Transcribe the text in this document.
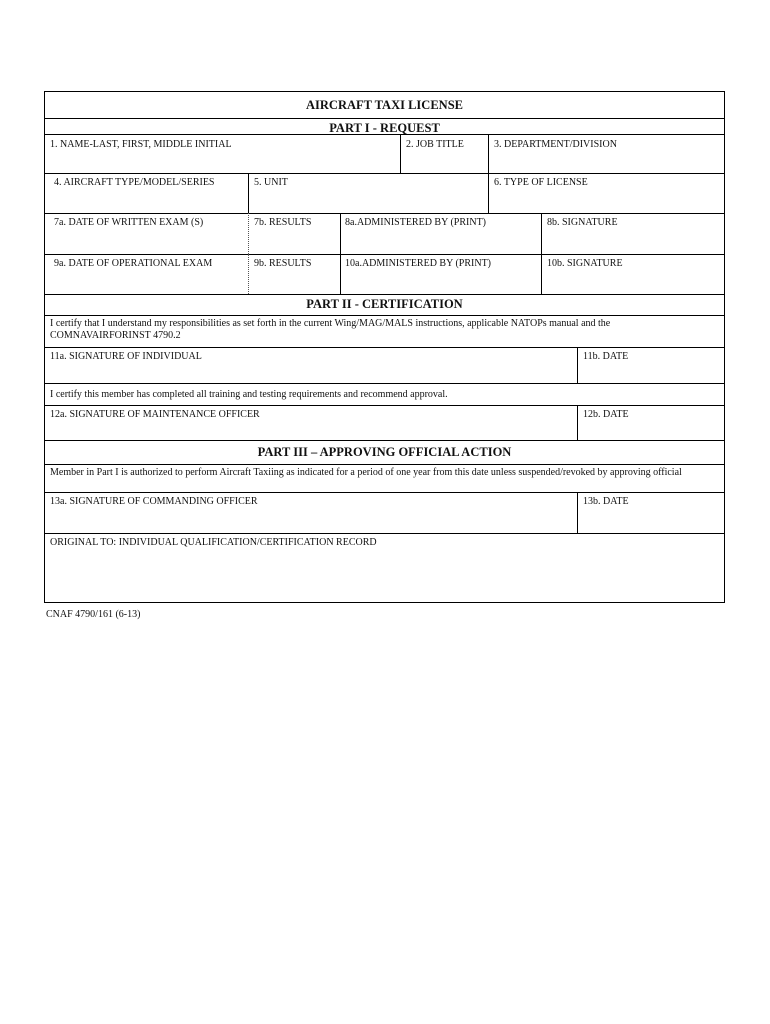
AIRCRAFT TAXI LICENSE
PART I - REQUEST
1. NAME-LAST, FIRST, MIDDLE INITIAL	2. JOB TITLE	3. DEPARTMENT/DIVISION
4. AIRCRAFT TYPE/MODEL/SERIES	5. UNIT	6. TYPE OF LICENSE
7a. DATE OF WRITTEN EXAM (S)	7b. RESULTS	8a.ADMINISTERED BY (PRINT)	8b. SIGNATURE
9a. DATE OF OPERATIONAL EXAM	9b. RESULTS	10a.ADMINISTERED BY (PRINT)	10b. SIGNATURE
PART II - CERTIFICATION
I certify that I understand my responsibilities as set forth in the current Wing/MAG/MALS instructions, applicable NATOPs manual and the COMNAVAIRFORINST 4790.2
11a. SIGNATURE OF INDIVIDUAL	11b. DATE
I certify this member has completed all training and testing requirements and recommend approval.
12a. SIGNATURE OF MAINTENANCE OFFICER	12b. DATE
PART III – APPROVING OFFICIAL ACTION
Member in Part I is authorized to perform Aircraft Taxiing as indicated for a period of one year from this date unless suspended/revoked by approving official
13a. SIGNATURE OF COMMANDING OFFICER	13b. DATE
ORIGINAL TO: INDIVIDUAL QUALIFICATION/CERTIFICATION RECORD
CNAF 4790/161 (6-13)
